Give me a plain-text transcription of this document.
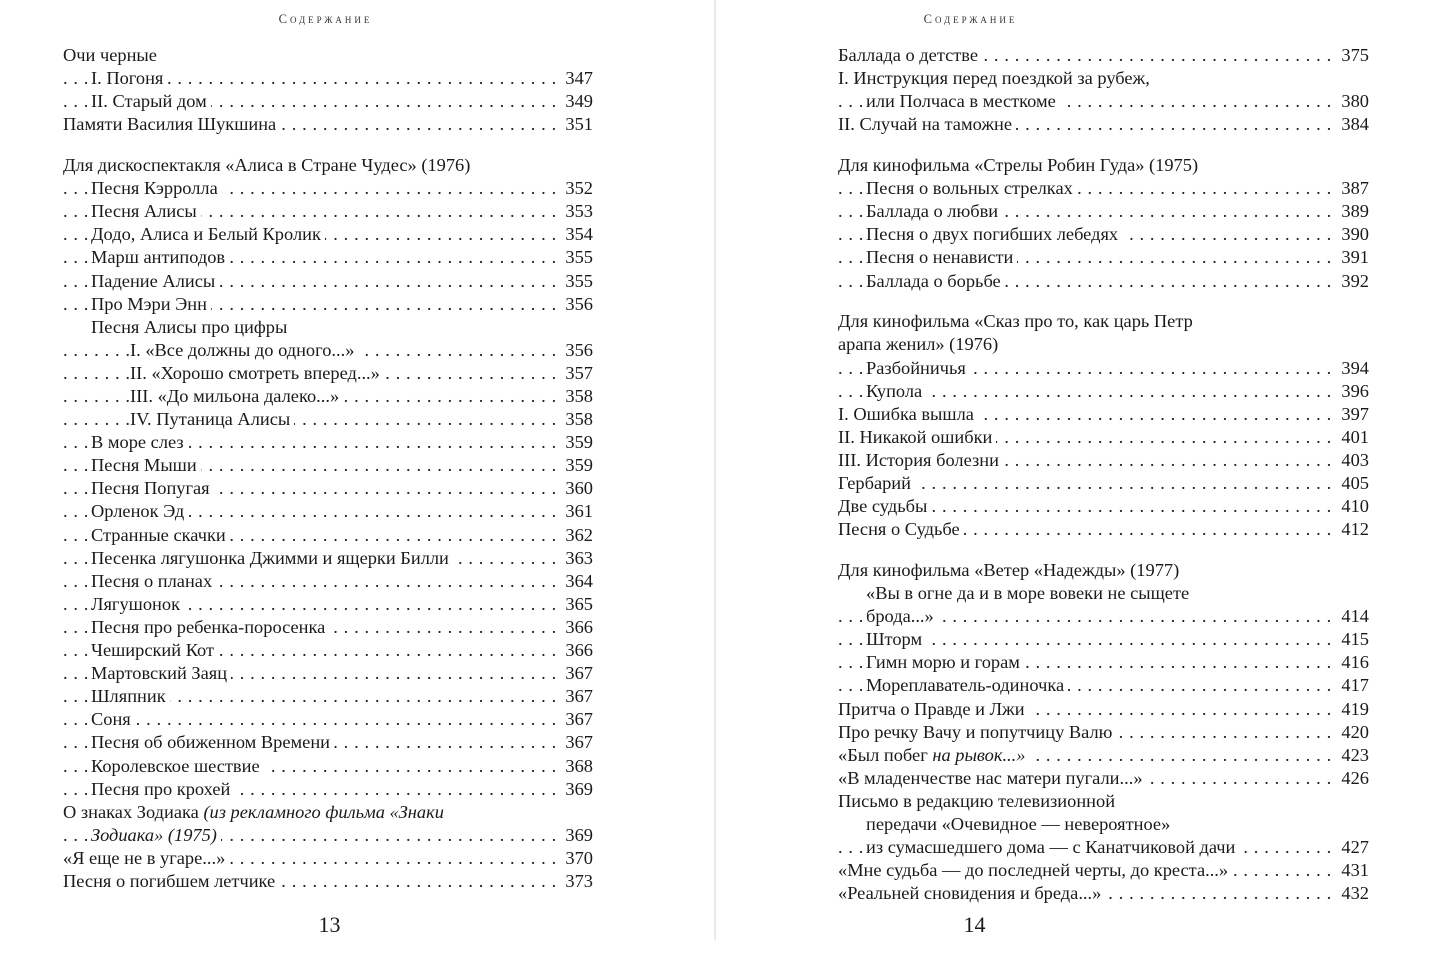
Содержание
Очи черные
I. Погоня	347
. . .
II. Старый дом	349
. . .
Памяти Василия Шукшина	351
. . .
Для дискоспектакля «Алиса в Стране Чудес» (1976)
Песня Кэрролла	352
. . .
Песня Алисы	353
. . .
Додо, Алиса и Белый Кролик	354
. . .
Марш антиподов	355
. . .
Падение Алисы	355
. . .
Про Мэри Энн	356
. . .
Песня Алисы про цифры
I. «Все должны до одного...»	356
. . .
II. «Хорошо смотреть вперед...»	357
. . .
III. «До мильона далеко...»	358
. . .
IV. Путаница Алисы	358
. . .
В море слез	359
. . .
Песня Мыши	359
. . .
Песня Попугая	360
. . .
Орленок Эд	361
. . .
Странные скачки	362
. . .
Песенка лягушонка Джимми и ящерки Билли	363
. . .
Песня о планах	364
. . .
Лягушонок	365
. . .
Песня про ребенка-поросенка	366
. . .
Чеширский Кот	366
. . .
Мартовский Заяц	367
. . .
Шляпник	367
. . .
Соня	367
. . .
Песня об обиженном Времени	367
. . .
Королевское шествие	368
. . .
Песня про крохей	369
. . .
О знаках Зодиака (из рекламного фильма «Знаки
Зодиака» (1975)	369
. . .
«Я еще не в угаре...»	370
. . .
Песня о погибшем летчике	373
. . .
13
Содержание
Баллада о детстве	375
. . .
I. Инструкция перед поездкой за рубеж,
или Полчаса в месткоме	380
. . .
II. Случай на таможне	384
. . .
Для кинофильма «Стрелы Робин Гуда» (1975)
Песня о вольных стрелках	387
. . .
Баллада о любви	389
. . .
Песня о двух погибших лебедях	390
. . .
Песня о ненависти	391
. . .
Баллада о борьбе	392
. . .
Для кинофильма «Сказ про то, как царь Петр
арапа женил» (1976)
Разбойничья	394
. . .
Купола	396
. . .
I. Ошибка вышла	397
. . .
II. Никакой ошибки	401
. . .
III. История болезни	403
. . .
Гербарий	405
. . .
Две судьбы	410
. . .
Песня о Судьбе	412
. . .
Для кинофильма «Ветер «Надежды» (1977)
«Вы в огне да и в море вовеки не сыщете
брода...»	414
. . .
Шторм	415
. . .
Гимн морю и горам	416
. . .
Мореплаватель-одиночка	417
. . .
Притча о Правде и Лжи	419
. . .
Про речку Вачу и попутчицу Валю	420
. . .
«Был побег на рывок...»	423
. . .
«В младенчестве нас матери пугали...»	426
. . .
Письмо в редакцию телевизионной
передачи «Очевидное — невероятное»
из сумасшедшего дома — с Канатчиковой дачи	427
. . .
«Мне судьба — до последней черты, до креста...»	431
. . .
«Реальней сновидения и бреда...»	432
. . .
14
